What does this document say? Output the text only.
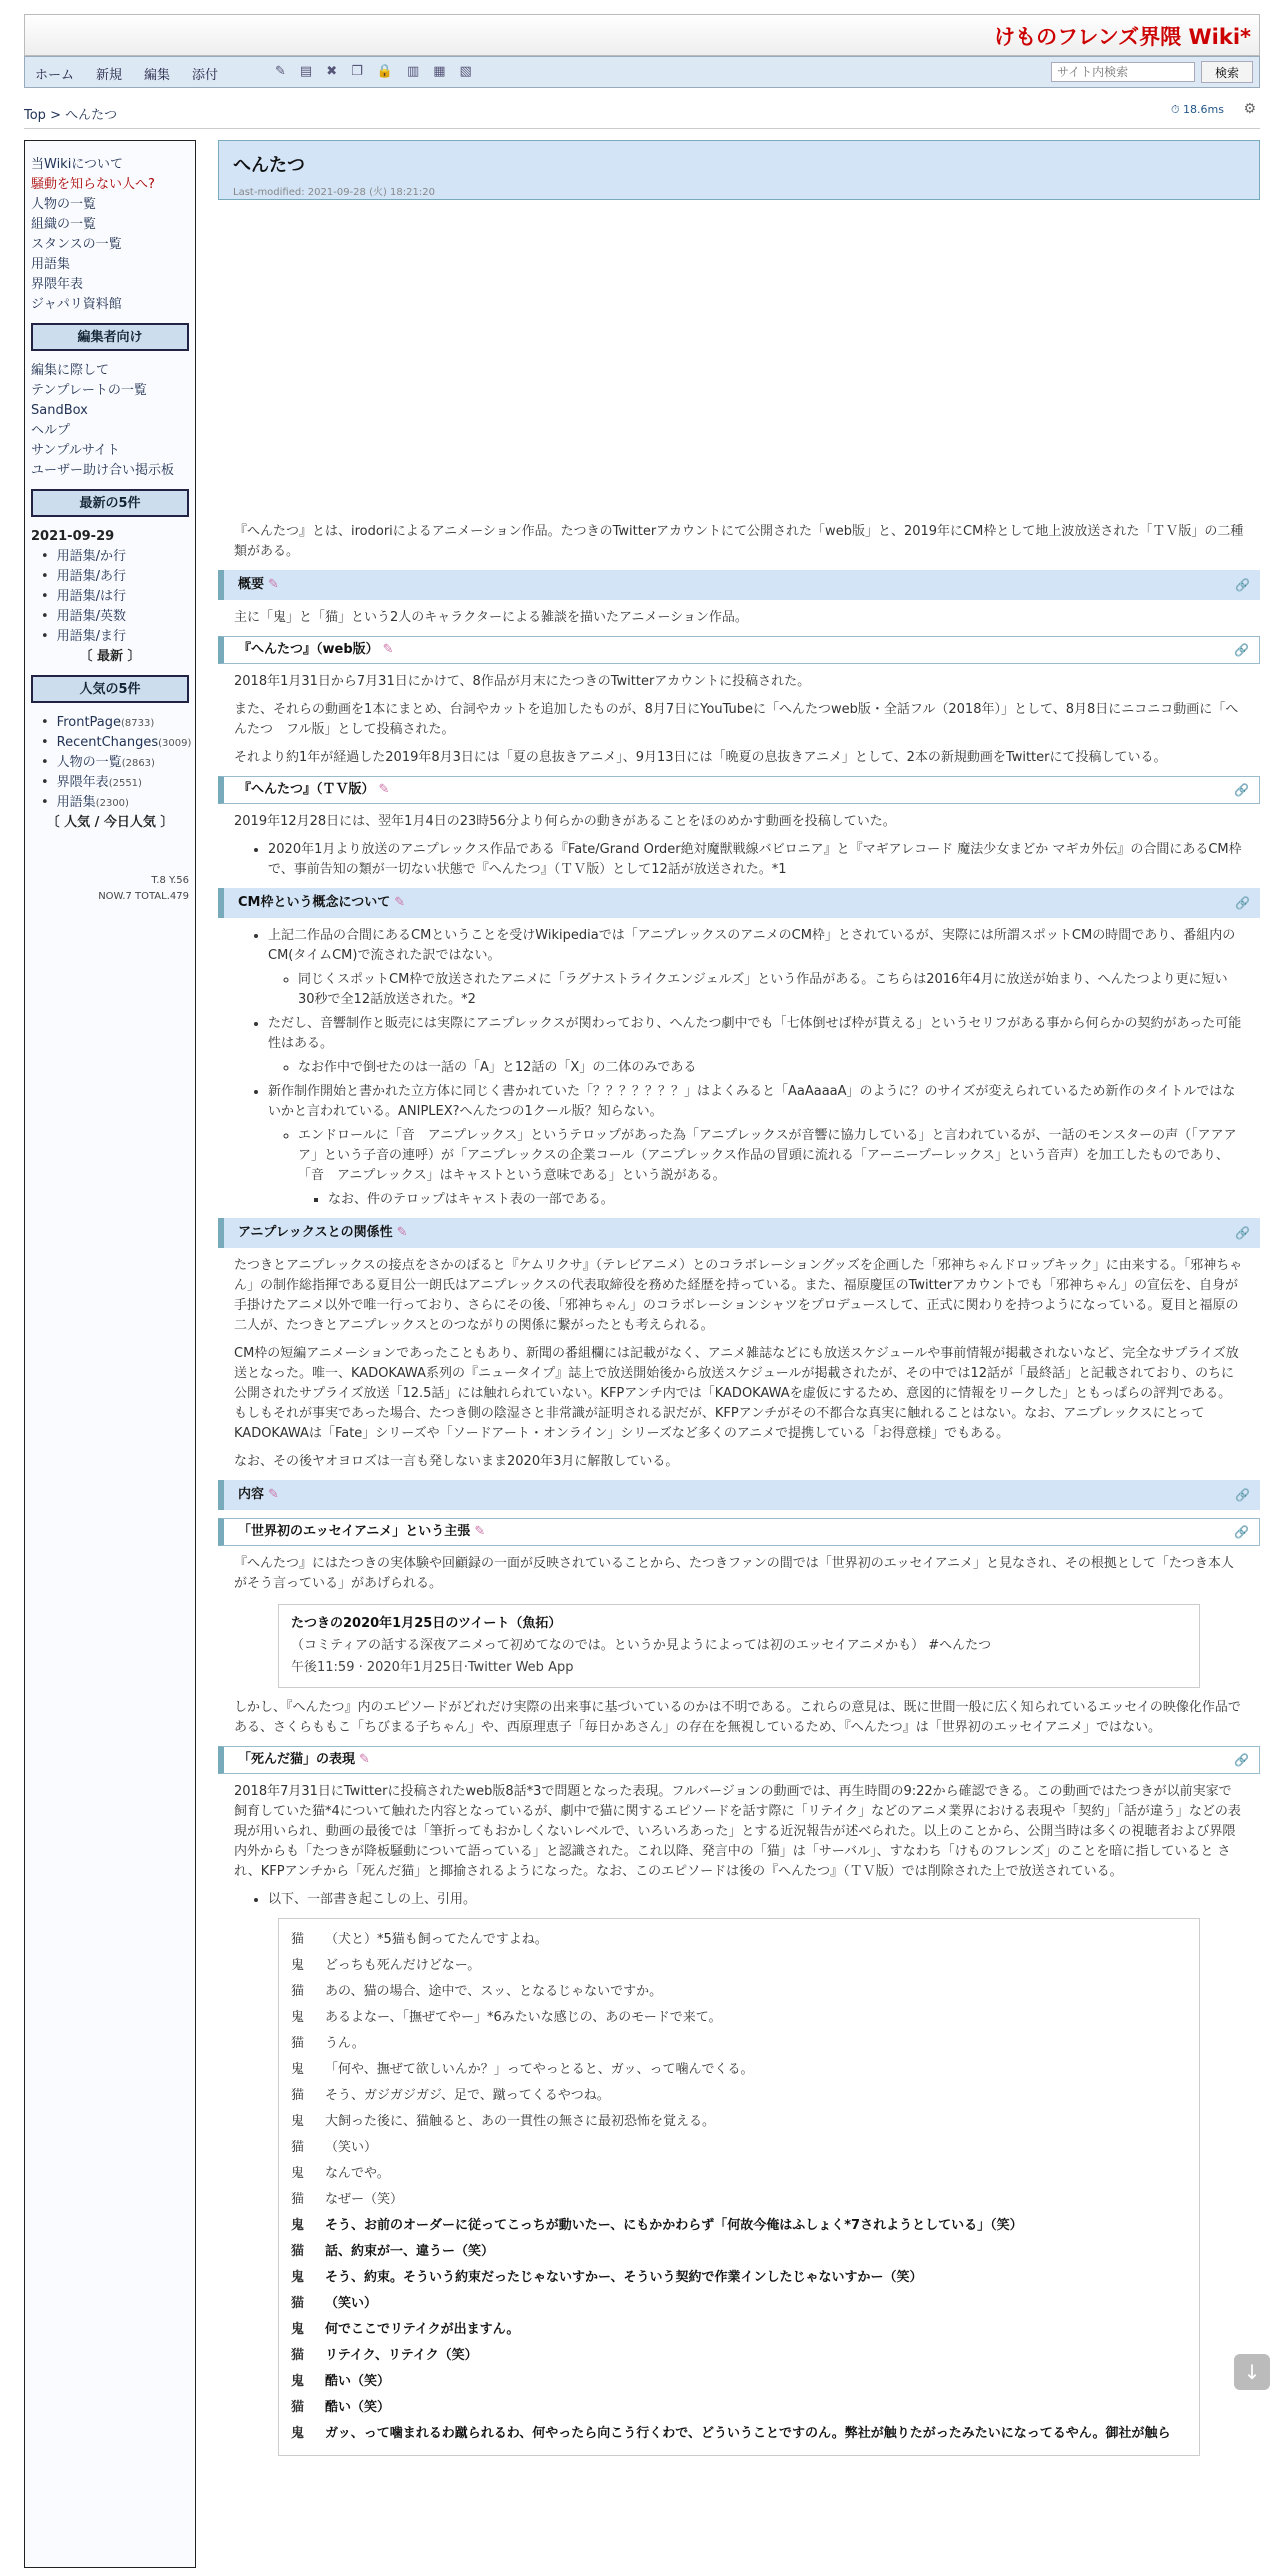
けものフレンズ界隈 Wiki*
ホーム 新規 編集 添付	✎ ▤ ✖ ❐ 🔒 ▥ ▦ ▧
サイト内検索	検索
Top > へんたつ	⏱ 18.6ms ⚙
当Wikiについて
騒動を知らない人へ?
人物の一覧
組織の一覧
スタンスの一覧
用語集
界隈年表
ジャパリ資料館
編集者向け
編集に際して
テンプレートの一覧
SandBox
ヘルプ
サンプルサイト
ユーザー助け合い掲示板
最新の5件
2021-09-29
• 用語集/か行
• 用語集/あ行
• 用語集/は行
• 用語集/英数
• 用語集/ま行
〔 最新 〕
人気の5件
• FrontPage(8733)
• RecentChanges(3009)
• 人物の一覧(2863)
• 界隈年表(2551)
• 用語集(2300)
〔 人気 / 今日人気 〕
T.8 Y.56
NOW.7 TOTAL.479
へんたつ
Last-modified: 2021-09-28 (火) 18:21:20

『へんたつ』とは、irodoriによるアニメーション作品。たつきのTwitterアカウントにて公開された「web版」と、2019年にCM枠として地上波放送された「ＴＶ版」の二種類がある。

概要 ✎	🔗

主に「鬼」と「猫」という2人のキャラクターによる雑談を描いたアニメーション作品。

『へんたつ』（web版） ✎	🔗

2018年1月31日から7月31日にかけて、8作品が月末にたつきのTwitterアカウントに投稿された。

また、それらの動画を1本にまとめ、台詞やカットを追加したものが、8月7日にYouTubeに「へんたつweb版・全話フル（2018年）」として、8月8日にニコニコ動画に「へんたつ　フル版」として投稿された。

それより約1年が経過した2019年8月3日には「夏の息抜きアニメ」、9月13日には「晩夏の息抜きアニメ」として、2本の新規動画をTwitterにて投稿している。

『へんたつ』（ＴＶ版） ✎	🔗

2019年12月28日には、翌年1月4日の23時56分より何らかの動きがあることをほのめかす動画を投稿していた。

• 2020年1月より放送のアニプレックス作品である『Fate/Grand Order絶対魔獣戦線バビロニア』と『マギアレコード 魔法少女まどか マギカ外伝』の合間にあるCM枠で、事前告知の類が一切ない状態で『へんたつ』（ＴＶ版）として12話が放送された。*1
CM枠という概念について ✎	🔗
• 上記二作品の合間にあるCMということを受けWikipediaでは「アニプレックスのアニメのCM枠」とされているが、実際には所謂スポットCMの時間であり、番組内のCM(タイムCM)で流された訳ではない。
◦ 同じくスポットCM枠で放送されたアニメに「ラグナストライクエンジェルズ」という作品がある。こちらは2016年4月に放送が始まり、へんたつより更に短い30秒で全12話放送された。*2
• ただし、音響制作と販売には実際にアニプレックスが関わっており、へんたつ劇中でも「七体倒せば枠が貰える」というセリフがある事から何らかの契約があった可能性はある。
◦ なお作中で倒せたのは一話の「A」と12話の「X」の二体のみである
• 新作制作開始と書かれた立方体に同じく書かれていた「？？？？？？？」はよくみると「AaAaaaA」のように？のサイズが変えられているため新作のタイトルではないかと言われている。ANIPLEX?へんたつの1クール版？知らない。
◦ エンドロールに「音　アニプレックス」というテロップがあった為「アニプレックスが音響に協力している」と言われているが、一話のモンスターの声（「アアアア」という子音の連呼）が「アニプレックスの企業コール（アニプレックス作品の冒頭に流れる「アーニープーレックス」という音声）を加工したものであり、「音　アニプレックス」はキャストという意味である」という説がある。
▪ なお、件のテロップはキャスト表の一部である。
アニプレックスとの関係性 ✎	🔗

たつきとアニプレックスの接点をさかのぼると『ケムリクサ』（テレビアニメ）とのコラボレーショングッズを企画した「邪神ちゃんドロップキック」に由来する。「邪神ちゃん」の制作総指揮である夏目公一朗氏はアニプレックスの代表取締役を務めた経歴を持っている。また、福原慶匡のTwitterアカウントでも「邪神ちゃん」の宣伝を、自身が手掛けたアニメ以外で唯一行っており、さらにその後、「邪神ちゃん」のコラボレーションシャツをプロデュースして、正式に関わりを持つようになっている。夏目と福原の二人が、たつきとアニプレックスとのつながりの関係に繋がったとも考えられる。

CM枠の短編アニメーションであったこともあり、新聞の番組欄には記載がなく、アニメ雑誌などにも放送スケジュールや事前情報が掲載されないなど、完全なサプライズ放送となった。唯一、KADOKAWA系列の『ニュータイプ』誌上で放送開始後から放送スケジュールが掲載されたが、その中では12話が「最終話」と記載されており、のちに公開されたサプライズ放送「12.5話」には触れられていない。KFPアンチ内では「KADOKAWAを虚仮にするため、意図的に情報をリークした」ともっぱらの評判である。もしもそれが事実であった場合、たつき側の陰湿さと非常識が証明される訳だが、KFPアンチがその不都合な真実に触れることはない。なお、アニプレックスにとってKADOKAWAは「Fate」シリーズや「ソードアート・オンライン」シリーズなど多くのアニメで提携している「お得意様」でもある。

なお、その後ヤオヨロズは一言も発しないまま2020年3月に解散している。

内容 ✎	🔗
「世界初のエッセイアニメ」という主張 ✎	🔗

『へんたつ』にはたつきの実体験や回顧録の一面が反映されていることから、たつきファンの間では「世界初のエッセイアニメ」と見なされ、その根拠として「たつき本人がそう言っている」があげられる。

たつきの2020年1月25日のツイート（魚拓）
（コミティアの話する深夜アニメって初めてなのでは。というか見ようによっては初のエッセイアニメかも） #へんたつ
午後11:59 · 2020年1月25日·Twitter Web App

しかし、『へんたつ』内のエピソードがどれだけ実際の出来事に基づいているのかは不明である。これらの意見は、既に世間一般に広く知られているエッセイの映像化作品である、さくらももこ「ちびまる子ちゃん」や、西原理恵子「毎日かあさん」の存在を無視しているため、『へんたつ』は「世界初のエッセイアニメ」ではない。

「死んだ猫」の表現 ✎	🔗

2018年7月31日にTwitterに投稿されたweb版8話*3で問題となった表現。フルバージョンの動画では、再生時間の9:22から確認できる。この動画ではたつきが以前実家で飼育していた猫*4について触れた内容となっているが、劇中で猫に関するエピソードを話す際に「リテイク」などのアニメ業界における表現や「契約」「話が違う」などの表現が用いられ、動画の最後では「筆折ってもおかしくないレベルで、いろいろあった」とする近況報告が述べられた。以上のことから、公開当時は多くの視聴者および界隈内外からも「たつきが降板騒動について語っている」と認識された。これ以降、発言中の「猫」は「サーバル」、すなわち「けものフレンズ」のことを暗に指していると され、KFPアンチから「死んだ猫」と揶揄されるようになった。なお、このエピソードは後の『へんたつ』（ＴＶ版）では削除された上で放送されている。

• 以下、一部書き起こしの上、引用。
猫 （犬と）*5猫も飼ってたんですよね。
鬼 どっちも死んだけどなー。
猫 あの、猫の場合、途中で、スッ、となるじゃないですか。
鬼 あるよなー、「撫ぜてやー」*6みたいな感じの、あのモードで来て。
猫 うん。
鬼 「何や、撫ぜて欲しいんか？」ってやっとると、ガッ、って噛んでくる。
猫 そう、ガジガジガジ、足で、蹴ってくるやつね。
鬼 大飼った後に、猫触ると、あの一貫性の無さに最初恐怖を覚える。
猫 （笑い）
鬼 なんでや。
猫 なぜー（笑）
鬼 そう、お前のオーダーに従ってこっちが動いたー、にもかかわらず「何故今俺はふしょく*7されようとしている」（笑）
猫 話、約束が一、違うー（笑）
鬼 そう、約束。そういう約束だったじゃないすかー、そういう契約で作業インしたじゃないすかー（笑）
猫 （笑い）
鬼 何でここでリテイクが出ますん。
猫 リテイク、リテイク（笑）
鬼 酷い（笑）
猫 酷い（笑）
鬼 ガッ、って噛まれるわ蹴られるわ、何やったら向こう行くわで、どういうことですのん。弊社が触りたがったみたいになってるやん。御社が触ら
↓
